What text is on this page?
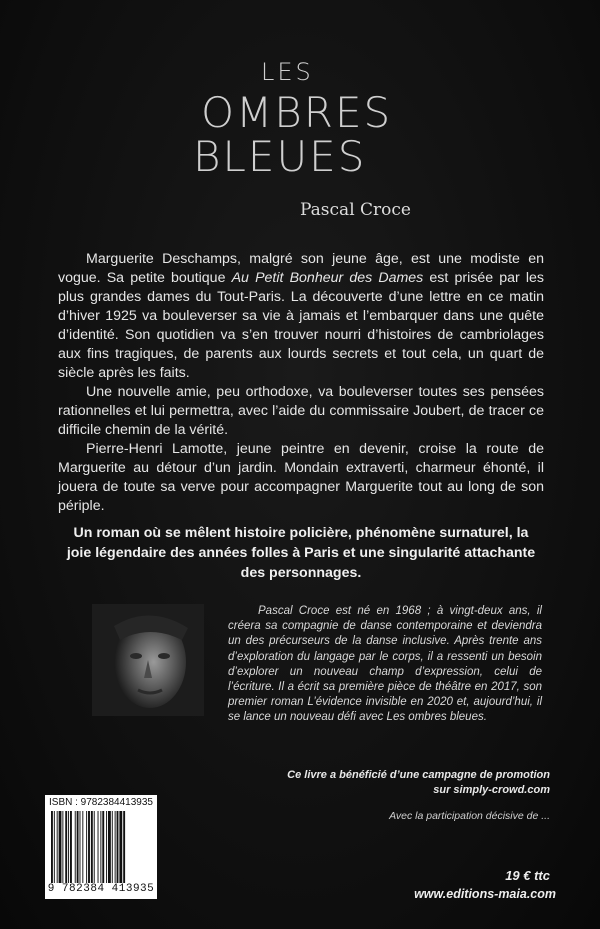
LES
OMBRES
BLEUES
Pascal Croce

Marguerite Deschamps, malgré son jeune âge, est une modiste en vogue. Sa petite boutique Au Petit Bonheur des Dames est prisée par les plus grandes dames du Tout-Paris. La découverte d’une lettre en ce matin d’hiver 1925 va bouleverser sa vie à jamais et l’embarquer dans une quête d’identité. Son quotidien va s’en trouver nourri d’histoires de cambriolages aux fins tragiques, de parents aux lourds secrets et tout cela, un quart de siècle après les faits.

Une nouvelle amie, peu orthodoxe, va bouleverser toutes ses pensées rationnelles et lui permettra, avec l’aide du commissaire Joubert, de tracer ce difficile chemin de la vérité.

Pierre-Henri Lamotte, jeune peintre en devenir, croise la route de Marguerite au détour d’un jardin. Mondain extraverti, charmeur éhonté, il jouera de toute sa verve pour accompagner Marguerite tout au long de son périple.

Un roman où se mêlent histoire policière, phénomène surnaturel, la joie légendaire des années folles à Paris et une singularité attachante des personnages.

Pascal Croce est né en 1968 ; à vingt-deux ans, il créera sa compagnie de danse contemporaine et deviendra un des précurseurs de la danse inclusive. Après trente ans d’exploration du langage par le corps, il a ressenti un besoin d’explorer un nouveau champ d’expression, celui de l’écriture. Il a écrit sa première pièce de théâtre en 2017, son premier roman L’évidence invisible en 2020 et, aujourd’hui, il se lance un nouveau défi avec Les ombres bleues.

Ce livre a bénéficié d’une campagne de promotion
sur simply-crowd.com
Avec la participation décisive de ...
ISBN : 9782384413935
9 782384 413935
19 € ttc
www.editions-maia.com
